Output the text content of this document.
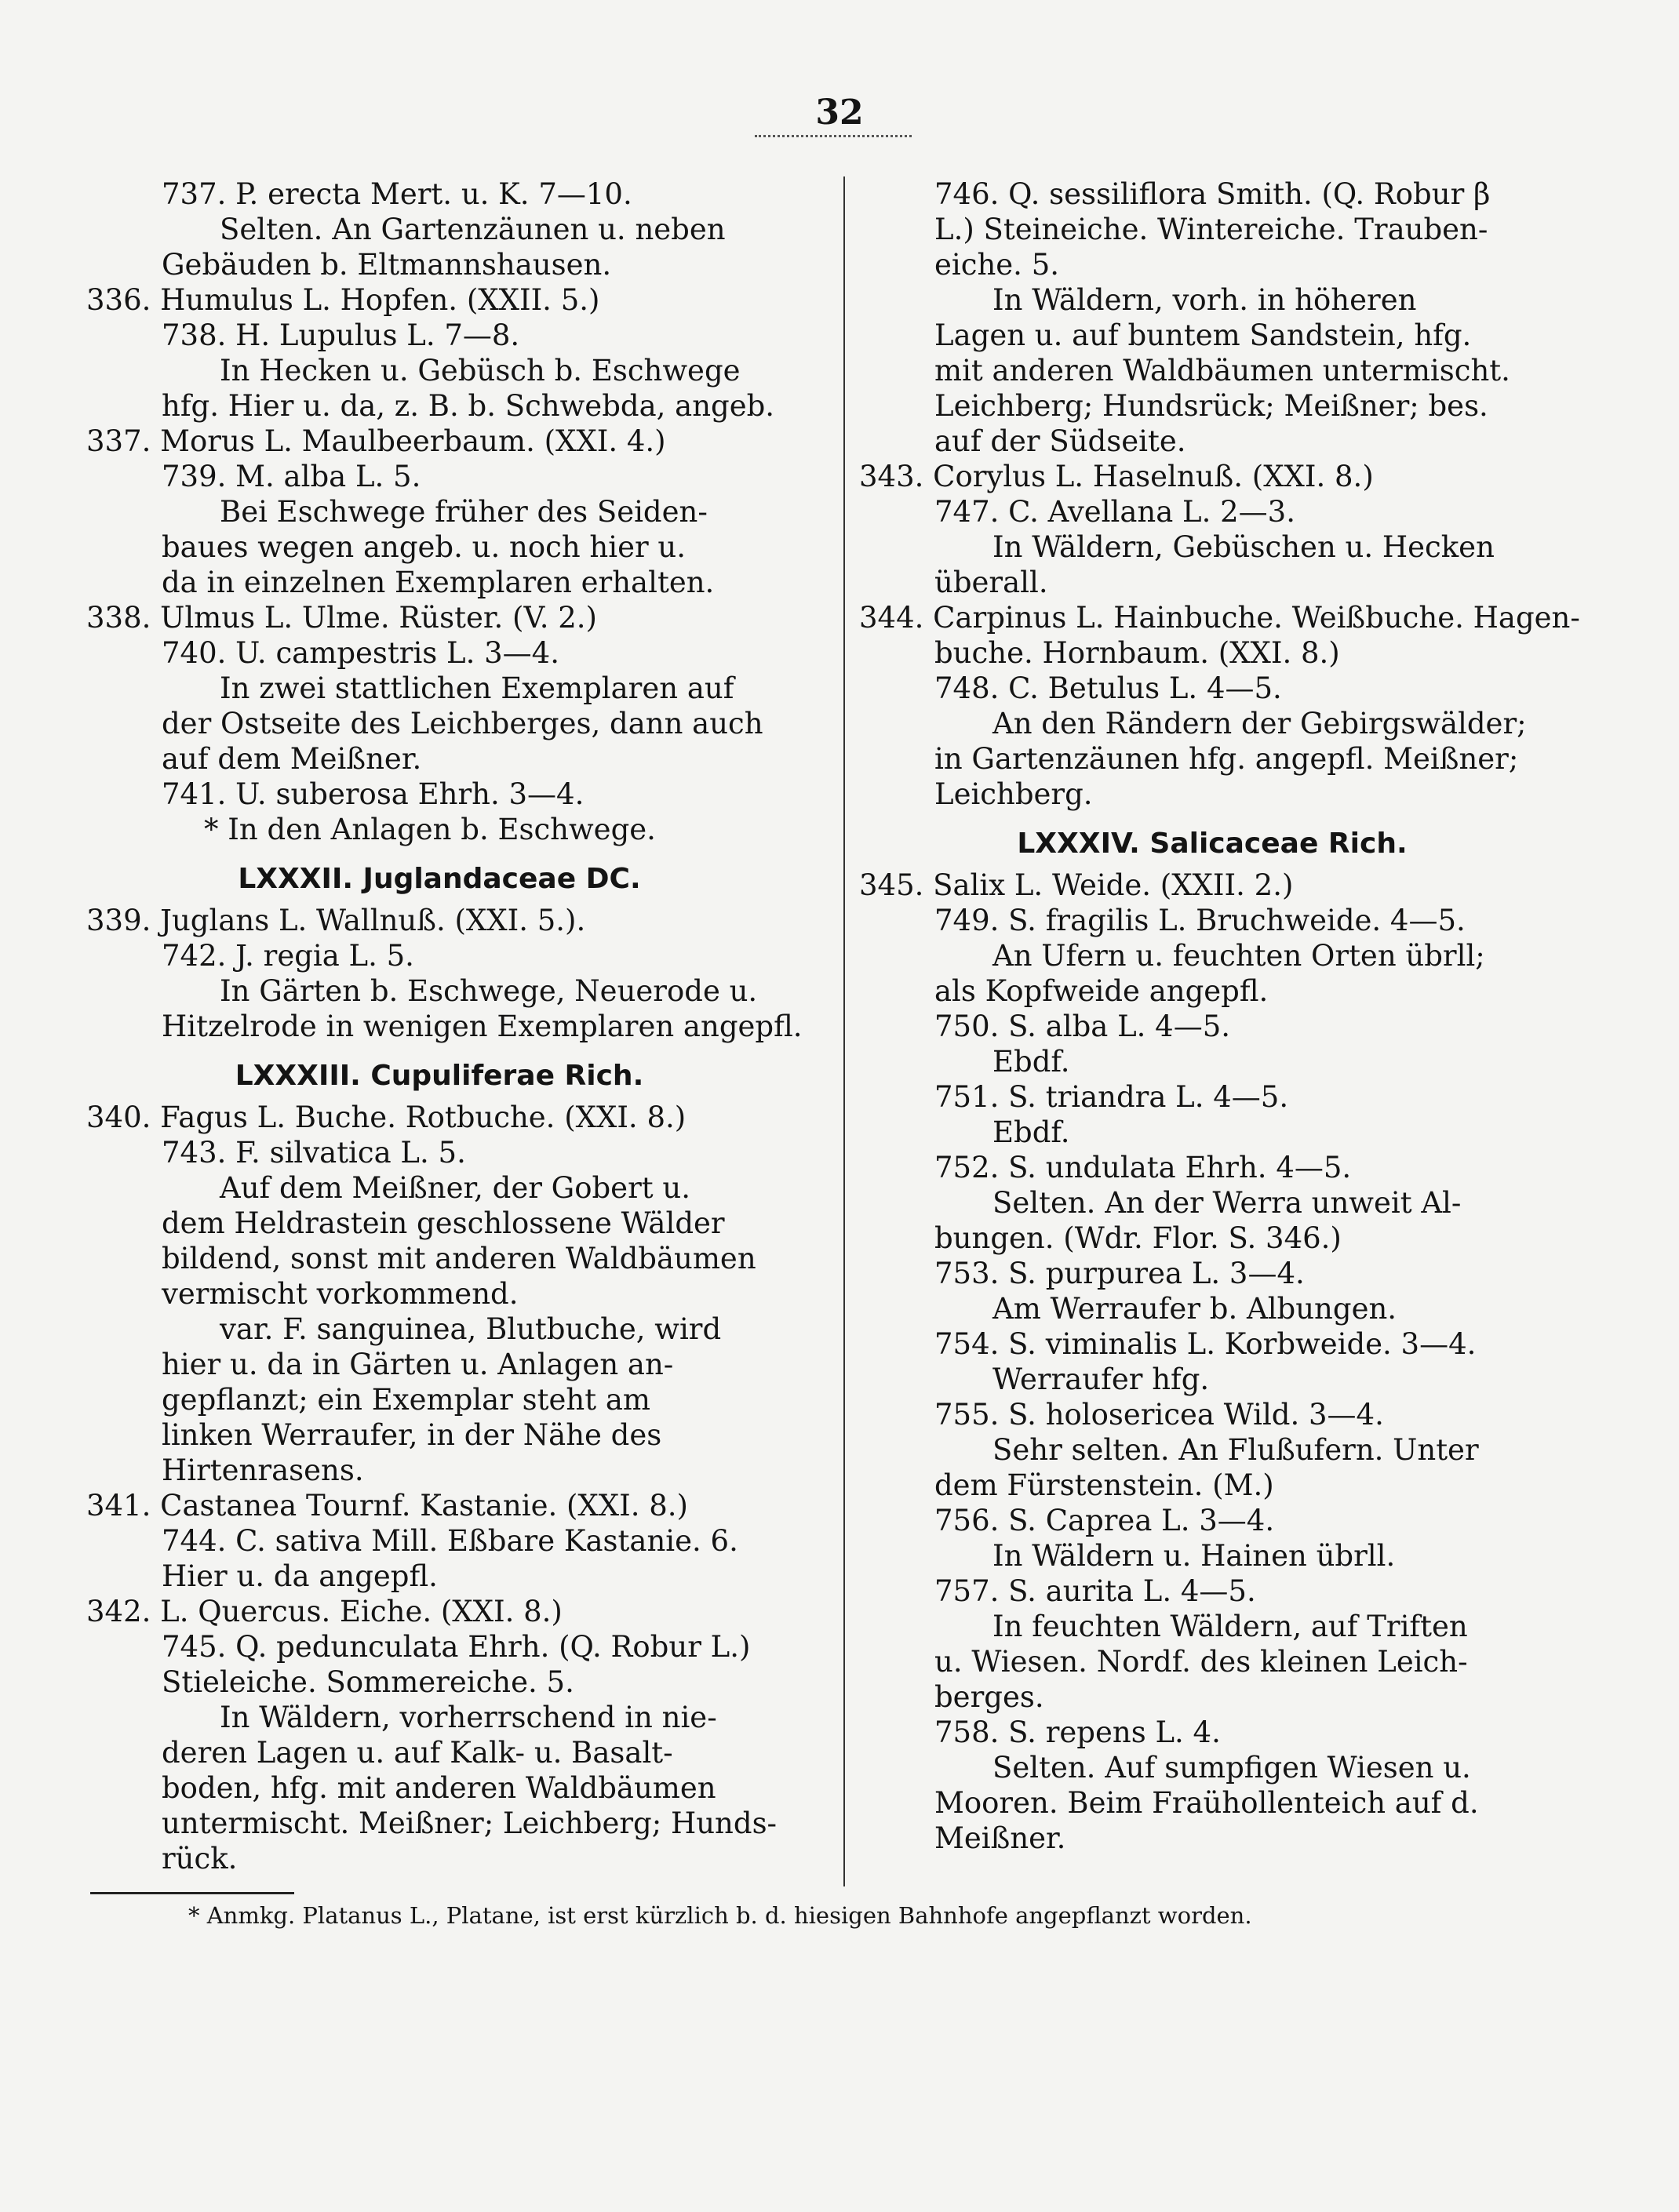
32
737. P. erecta Mert. u. K. 7—10.
Selten. An Gartenzäunen u. neben
Gebäuden b. Eltmannshausen.
336. Humulus L. Hopfen. (XXII. 5.)
738. H. Lupulus L. 7—8.
In Hecken u. Gebüsch b. Eschwege
hfg. Hier u. da, z. B. b. Schwebda, angeb.
337. Morus L. Maulbeerbaum. (XXI. 4.)
739. M. alba L. 5.
Bei Eschwege früher des Seiden-
baues wegen angeb. u. noch hier u.
da in einzelnen Exemplaren erhalten.
338. Ulmus L. Ulme. Rüster. (V. 2.)
740. U. campestris L. 3—4.
In zwei stattlichen Exemplaren auf
der Ostseite des Leichberges, dann auch
auf dem Meißner.
741. U. suberosa Ehrh. 3—4.
* In den Anlagen b. Eschwege.
LXXXII. Juglandaceae DC.
339. Juglans L. Wallnuß. (XXI. 5.).
742. J. regia L. 5.
In Gärten b. Eschwege, Neuerode u.
Hitzelrode in wenigen Exemplaren angepfl.
LXXXIII. Cupuliferae Rich.
340. Fagus L. Buche. Rotbuche. (XXI. 8.)
743. F. silvatica L. 5.
Auf dem Meißner, der Gobert u.
dem Heldrastein geschlossene Wälder
bildend, sonst mit anderen Waldbäumen
vermischt vorkommend.
var. F. sanguinea, Blutbuche, wird
hier u. da in Gärten u. Anlagen an-
gepflanzt; ein Exemplar steht am
linken Werraufer, in der Nähe des
Hirtenrasens.
341. Castanea Tournf. Kastanie. (XXI. 8.)
744. C. sativa Mill. Eßbare Kastanie. 6.
Hier u. da angepfl.
342. L. Quercus. Eiche. (XXI. 8.)
745. Q. pedunculata Ehrh. (Q. Robur L.)
Stieleiche. Sommereiche. 5.
In Wäldern, vorherrschend in nie-
deren Lagen u. auf Kalk- u. Basalt-
boden, hfg. mit anderen Waldbäumen
untermischt. Meißner; Leichberg; Hunds-
rück.
746. Q. sessiliflora Smith. (Q. Robur β
L.) Steineiche. Wintereiche. Trauben-
eiche. 5.
In Wäldern, vorh. in höheren
Lagen u. auf buntem Sandstein, hfg.
mit anderen Waldbäumen untermischt.
Leichberg; Hundsrück; Meißner; bes.
auf der Südseite.
343. Corylus L. Haselnuß. (XXI. 8.)
747. C. Avellana L. 2—3.
In Wäldern, Gebüschen u. Hecken
überall.
344. Carpinus L. Hainbuche. Weißbuche. Hagen-
buche. Hornbaum. (XXI. 8.)
748. C. Betulus L. 4—5.
An den Rändern der Gebirgswälder;
in Gartenzäunen hfg. angepfl. Meißner;
Leichberg.
LXXXIV. Salicaceae Rich.
345. Salix L. Weide. (XXII. 2.)
749. S. fragilis L. Bruchweide. 4—5.
An Ufern u. feuchten Orten übrll;
als Kopfweide angepfl.
750. S. alba L. 4—5.
Ebdf.
751. S. triandra L. 4—5.
Ebdf.
752. S. undulata Ehrh. 4—5.
Selten. An der Werra unweit Al-
bungen. (Wdr. Flor. S. 346.)
753. S. purpurea L. 3—4.
Am Werraufer b. Albungen.
754. S. viminalis L. Korbweide. 3—4.
Werraufer hfg.
755. S. holosericea Wild. 3—4.
Sehr selten. An Flußufern. Unter
dem Fürstenstein. (M.)
756. S. Caprea L. 3—4.
In Wäldern u. Hainen übrll.
757. S. aurita L. 4—5.
In feuchten Wäldern, auf Triften
u. Wiesen. Nordf. des kleinen Leich-
berges.
758. S. repens L. 4.
Selten. Auf sumpfigen Wiesen u.
Mooren. Beim Fraühollenteich auf d.
Meißner.
* Anmkg. Platanus L., Platane, ist erst kürzlich b. d. hiesigen Bahnhofe angepflanzt worden.
